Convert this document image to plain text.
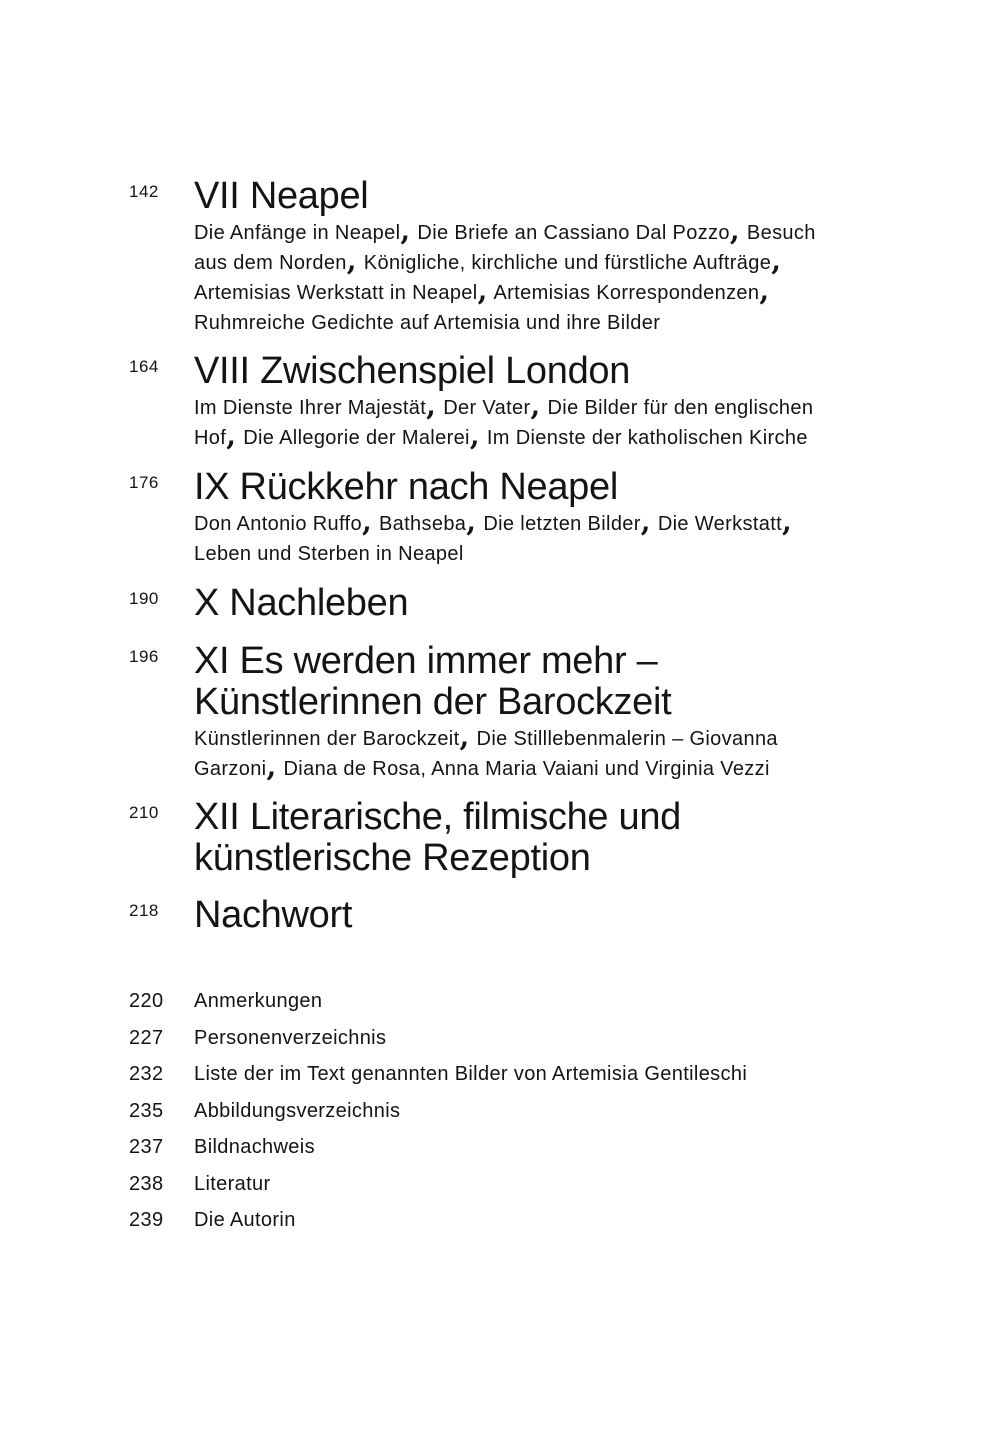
142 VII Neapel
Die Anfänge in Neapel, Die Briefe an Cassiano Dal Pozzo, Besuch
aus dem Norden, Königliche, kirchliche und fürstliche Aufträge,
Artemisias Werkstatt in Neapel, Artemisias Korrespondenzen,
Ruhmreiche Gedichte auf Artemisia und ihre Bilder
164 VIII Zwischenspiel London
Im Dienste Ihrer Majestät, Der Vater, Die Bilder für den englischen
Hof, Die Allegorie der Malerei, Im Dienste der katholischen Kirche
176 IX Rückkehr nach Neapel
Don Antonio Ruffo, Bathseba, Die letzten Bilder, Die Werkstatt,
Leben und Sterben in Neapel
190 X Nachleben
196 XI Es werden immer mehr –
Künstlerinnen der Barockzeit
Künstlerinnen der Barockzeit, Die Stilllebenmalerin – Giovanna
Garzoni, Diana de Rosa, Anna Maria Vaiani und Virginia Vezzi
210 XII Literarische, filmische und
künstlerische Rezeption
218 Nachwort
220 Anmerkungen
227 Personenverzeichnis
232 Liste der im Text genannten Bilder von Artemisia Gentileschi
235 Abbildungsverzeichnis
237 Bildnachweis
238 Literatur
239 Die Autorin
